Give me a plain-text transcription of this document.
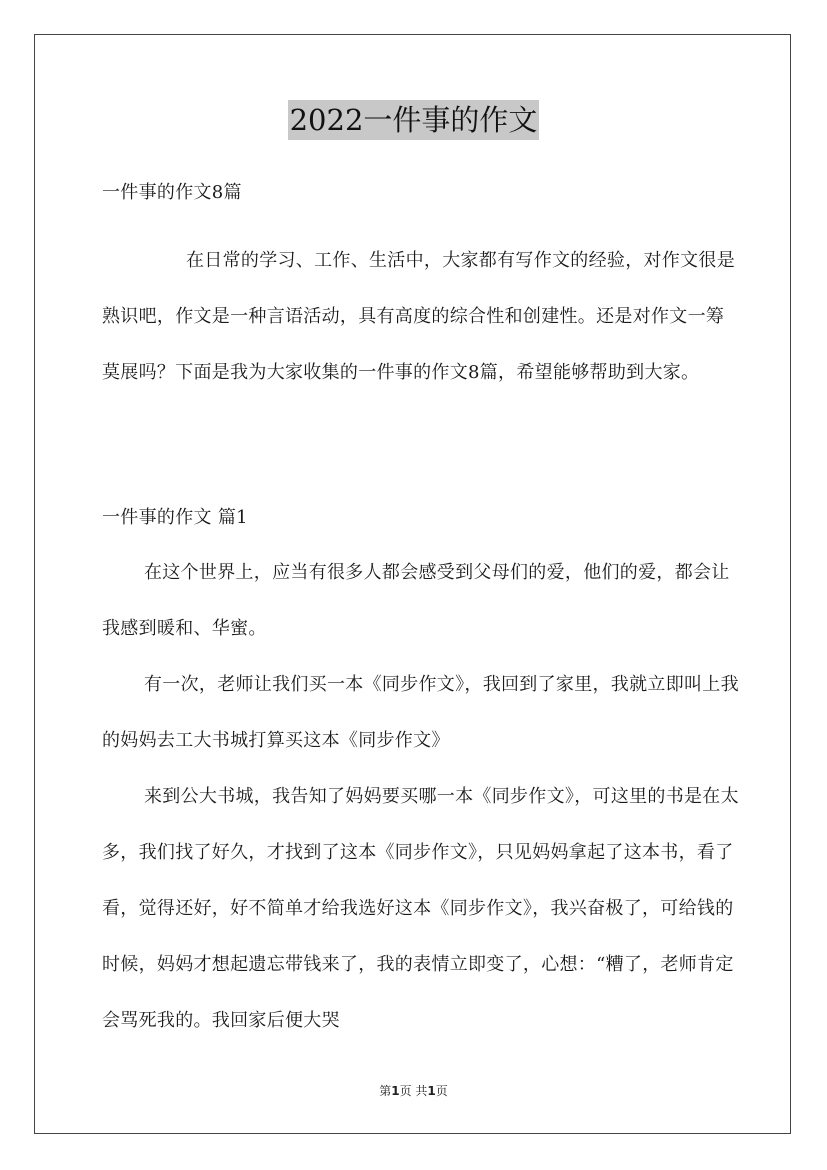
2022一件事的作文
一件事的作文8篇
在日常的学习、工作、生活中，大家都有写作文的经验，对作文很是熟识吧，作文是一种言语活动，具有高度的综合性和创建性。还是对作文一筹莫展吗？下面是我为大家收集的一件事的作文8篇，希望能够帮助到大家。
一件事的作文 篇1

在这个世界上，应当有很多人都会感受到父母们的爱，他们的爱，都会让我感到暖和、华蜜。

有一次，老师让我们买一本《同步作文》，我回到了家里，我就立即叫上我的妈妈去工大书城打算买这本《同步作文》

来到公大书城，我告知了妈妈要买哪一本《同步作文》，可这里的书是在太多，我们找了好久，才找到了这本《同步作文》，只见妈妈拿起了这本书，看了看，觉得还好，好不简单才给我选好这本《同步作文》，我兴奋极了，可给钱的时候，妈妈才想起遗忘带钱来了，我的表情立即变了，心想：“糟了，老师肯定会骂死我的。我回家后便大哭

第1页 共1页
